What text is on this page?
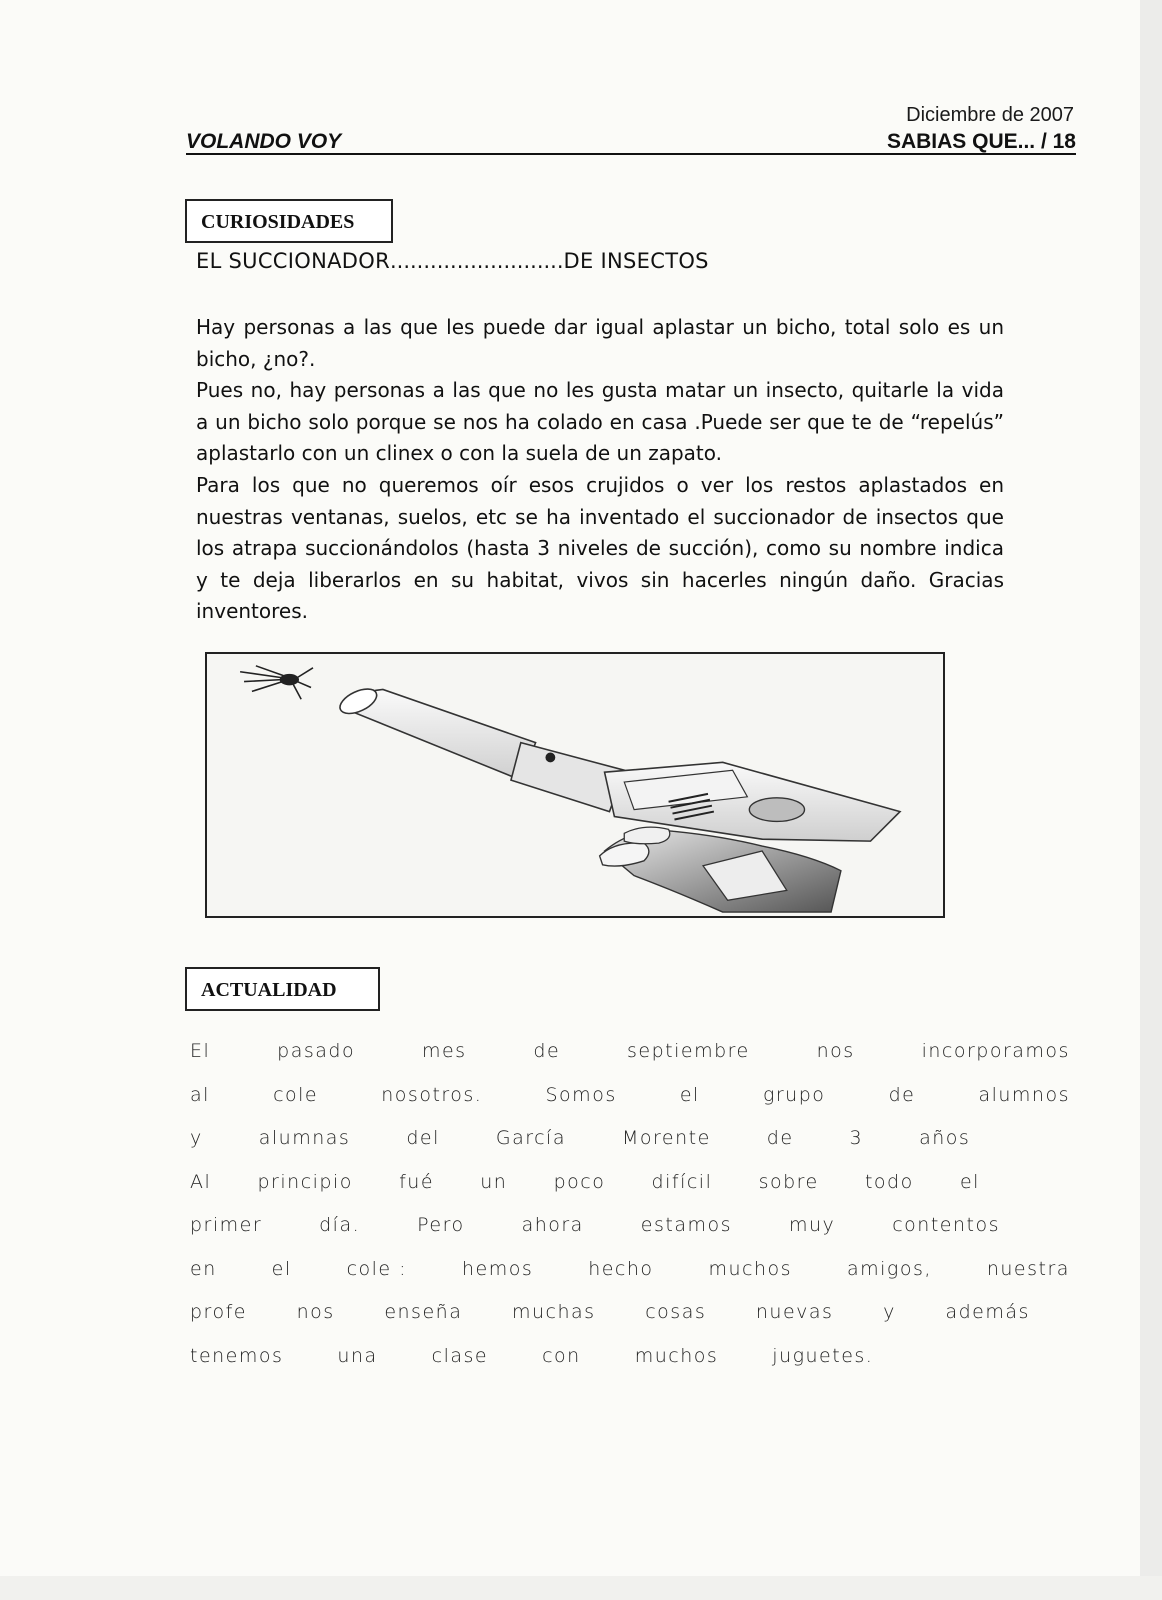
Diciembre de 2007
VOLANDO VOY	SABIAS QUE... / 18
CURIOSIDADES
EL SUCCIONADOR..........................DE INSECTOS

Hay personas a las que les puede dar igual aplastar un bicho, total solo es un bicho, ¿no?.

Pues no, hay personas a las que no les gusta matar un insecto, quitarle la vida a un bicho solo porque se nos ha colado en casa .Puede ser que te de “repelús” aplastarlo con un clinex o con la suela de un zapato.

Para los que no queremos oír esos crujidos o ver los restos aplastados en nuestras ventanas, suelos, etc se ha inventado el succionador de insectos que los atrapa succionándolos (hasta 3 niveles de succión), como su nombre indica y te deja liberarlos en su habitat, vivos sin hacerles ningún daño. Gracias inventores.

ACTUALIDAD
El	pasado	mes	de	septiembre	nos	incorporamos
al	cole	nosotros.	Somos	el	grupo	de	alumnos
y	alumnas	del	García	Morente	de	3	años
Al principio fué un poco difícil sobre todo el
primer	día.	Pero	ahora	estamos	muy	contentos
en	el	cole :	hemos	hecho	muchos	amigos,	nuestra
profe	nos	enseña	muchas	cosas	nuevas	y	además
tenemos	una	clase	con	muchos	juguetes.
